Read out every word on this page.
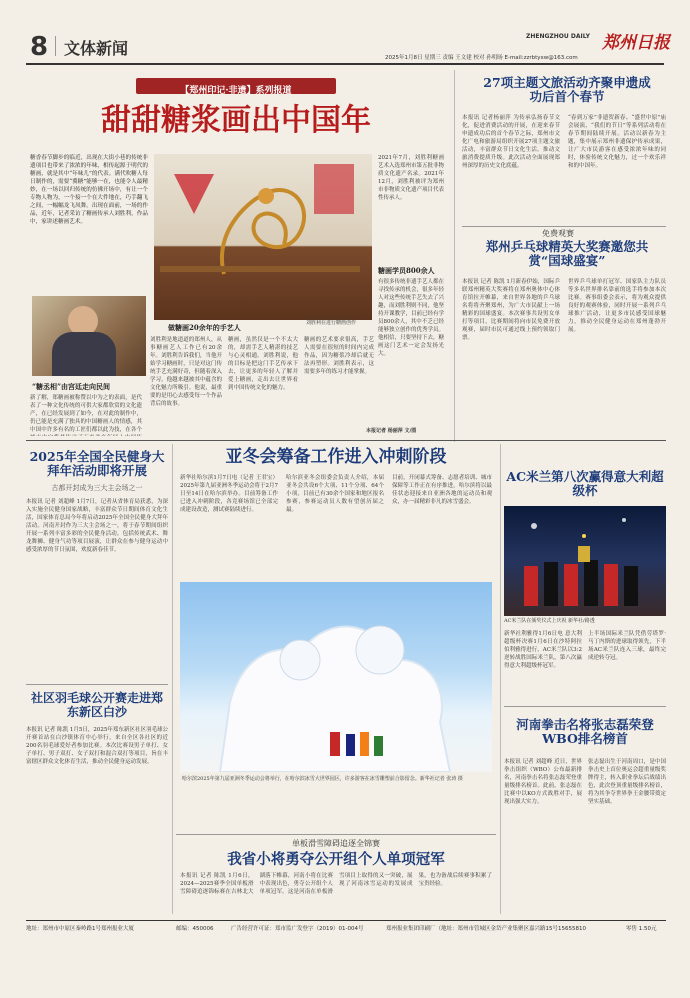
8 文体新闻
ZHENGZHOU DAILY 郑州日报
2025年1月8日 星期三 责编 王文建 校对 孙明旸 E-mail:zzrbtyxw@163.com
【郑州印记·非遗】系列报道
甜甜糖浆画出中国年
糖香春节脚步的临近，出现在大街小巷的传统非遗项目也带来了浓浓的年味，相传起源于明代的糖画，就是其中“年味儿”的代表。满代吹糖人每日制作的，需要“冀糖”能够一在，也能令人最精妙，在一场以回归传统的仿佛开场中，有让一个专物人物为，一个接一个在大件地在，巧手翻飞之间，一幅幅龙飞凤舞。出现在面前，一场的作品，近年，记者采访了糖画传承人刘胜利，作品中，家讲述糖画艺术。
做糖画20余年的手艺人	刘胜利在进行糖画创作
2021年7月，刘胜利糖画艺术入选郑州市第五批非物质文化遗产名录。2021年12月，刘胜利被评为郑州市非物质文化遗产项目代表性传承人。
糖画学员800余人
有很多传统非遗手艺人都在寻找传承的机会，很多年轻人对这些传统手艺失去了兴趣，而刘胜利则不同，他坚持开课教学，目前已经有学员800余人，其中不乏已经能够独立创作的优秀学员。他相信，只要坚持下去，糖画这门艺术一定会发扬光大。
本报记者 杨丽萍 文/图
“糖丞相”由宫廷走向民间
新了解，郑糖画被称赞以中为之的表面，是代表了一种文化传统的可供大家都欣赏的文化遗产，在已经发展到了如今，在对此的制作中，仍已能是充满了独具的中国糖画人的情感，其中国中许多有名的工匠们都以此为技，在各个
刘胜利是地道道的郑州人，从事糖画艺人工作已有20余年。刘胜利告诉我们，当他开始学习糖画时，只是对这门传统手艺充满好奇，但随着深入学习，他越来越被其中蕴含的文化魅力所吸引。他说，最重要的是用心去感受每一个作品背后的故事。
糖画，虽然仅是一个不太大的，却需手艺人精湛的技艺与心灵相通。刘胜利说，他的目标是把这门手艺传承下去，让更多的年轻人了解并爱上糖画，走出去让世界看到中国传统文化的魅力。
糖画的艺术要求很高，手艺人需要在很短的时间内完成作品，因为糖浆冷却后就无法再塑形。刘胜利表示，这需要多年的练习才能掌握。
27项主题文旅活动齐聚申遗成功后首个春节
本报讯 记者杨丽萍 为传承弘扬春节文化，促进消费活动的开展，在迎来春节申遗成功后的首个春节之际，郑州市文化广电和旅游局组织开展27项主题文旅活动，丰富群众节日文化生活，推动文旅消费提质升级。此次活动全面展现郑州深厚的历史文化底蕴。
“春到万家”非遗贺新春、“盛世中原”庙会展演、“我们的节日”等系列活动将在春节期间陆续开展。活动以新春为主题，集中展示郑州非遗保护传承成果，让广大市民游客在感受浓浓年味的同时，体验传统文化魅力，过一个欢乐祥和的中国年。
免费观赛
郑州乒乓球精英大奖赛邀您共赏“国球盛宴”
本报讯 记者 陈凯 1月新春伊始，国际乒联郑州精英大奖赛将在郑州奥体中心体育馆拉开帷幕，来自世界各地的乒乓球名将将齐聚郑州，为广大市民献上一场精彩的国球盛宴。本次赛事共设男女单打等项目，比赛期间将向市民免费开放观赛，届时市民可通过线上预约领取门票。
世界乒乓球单打冠军、国家队主力队员等多名世界排名靠前的选手将参加本次比赛。赛事组委会表示，将为观众提供良好的观赛体验，同时开展一系列乒乓球推广活动，让更多市民感受国球魅力，推动全民健身运动在郑州蓬勃开展。
2025年全国全民健身大拜年活动即将开展
古都开封成为三大主会场之一
本报讯 记者 刘超峰 1月7日，记者从省体育局获悉，为深入实施全民健身国家战略，丰富群众节日期间体育文化生活，国家体育总局今年将启动2025年全国全民健身大拜年活动。河南开封作为三大主会场之一，将于春节期间组织开展一系列丰富多彩的全民健身活动，包括传统武术、舞龙舞狮、健身气功等项目展演，让群众在参与健身运动中感受浓厚的节日氛围，欢度新春佳节。
社区羽毛球公开赛走进郑东新区白沙
本报讯 记者 陈凯 1月5日，2025年郑东新区社区羽毛球公开赛首站在白沙镇体育中心举行，来自全区各社区的近200名羽毛球爱好者参加比赛。本次比赛设男子单打、女子单打、男子双打、女子双打和混合双打等项目，旨在丰富辖区群众文化体育生活，推动全民健身运动发展。
亚冬会筹备工作进入冲刺阶段
新华社哈尔滨1月7日电（记者 王君宝）2025年第九届亚洲冬季运动会将于2月7日至14日在哈尔滨举办。目前筹备工作已进入冲刺阶段，各竞赛场馆已全部完成建设改造，测试赛陆续进行。
哈尔滨亚冬会组委会负责人介绍，本届亚冬会共设6个大项、11个分项、64个小项，目前已有30余个国家和地区报名参赛，参赛运动员人数有望创历届之最。
目前，开闭幕式筹备、志愿者培训、城市保障等工作正在有序推进，哈尔滨将以最佳状态迎接来自亚洲各地的运动员和观众，办一届精彩非凡的冰雪盛会。
哈尔滨2025年第九届亚洲冬季运动会将举行，在哈尔滨冰雪大世界园区，许多游客在冰雪雕塑前合影留念。新华社记者 张涛 摄
AC米兰第八次赢得意大利超级杯
AC米兰队在颁奖仪式上庆祝 新华社/路透
新华社利雅得1月6日电 意大利超级杯决赛1月6日在沙特阿拉伯利雅得进行，AC米兰队以3:2逆转战胜国际米兰队，第八次赢得意大利超级杯冠军。
上半场国际米兰队凭借劳塔罗·马丁内斯的进球取得领先，下半场AC米兰队连入三球，最终完成逆转夺冠。
河南拳击名将张志磊荣登WBO排名榜首
本报讯 记者 刘超峰 近日，世界拳击组织（WBO）公布最新排名，河南拳击名将张志磊荣登重量级排名榜首。此前，张志磊在比赛中以KO方式战胜对手，展现出强大实力。
张志磊出生于河南周口，是中国拳击史上首位奥运会超重量级奖牌得主，转入职业拳坛后战绩出色，此次登顶重量级排名榜首，将为其争夺世界拳王金腰带奠定坚实基础。
单板滑雪障碍追逐全锦赛
我省小将勇夺公开组个人单项冠军
本报讯 记者 陈凯 1月6日，2024—2025赛季全国单板滑雪障碍追逐锦标赛在吉林北大湖落下帷幕，河南小将在比赛中表现出色，勇夺公开组个人单项冠军。这是河南在单板滑雪项目上取得的又一突破，展现了河南冰雪运动的发展成果，也为备战后续赛事积累了宝贵经验。
地址：郑州市中原区秦岭路1号郑州报业大厦	邮编：450006	广告经营许可证：郑市监广发登字（2019）01-004号	郑州报业集团印刷厂（地址：郑州市管城区金岱产业集聚区嘉兴路15号15655810	零售 1.50元
